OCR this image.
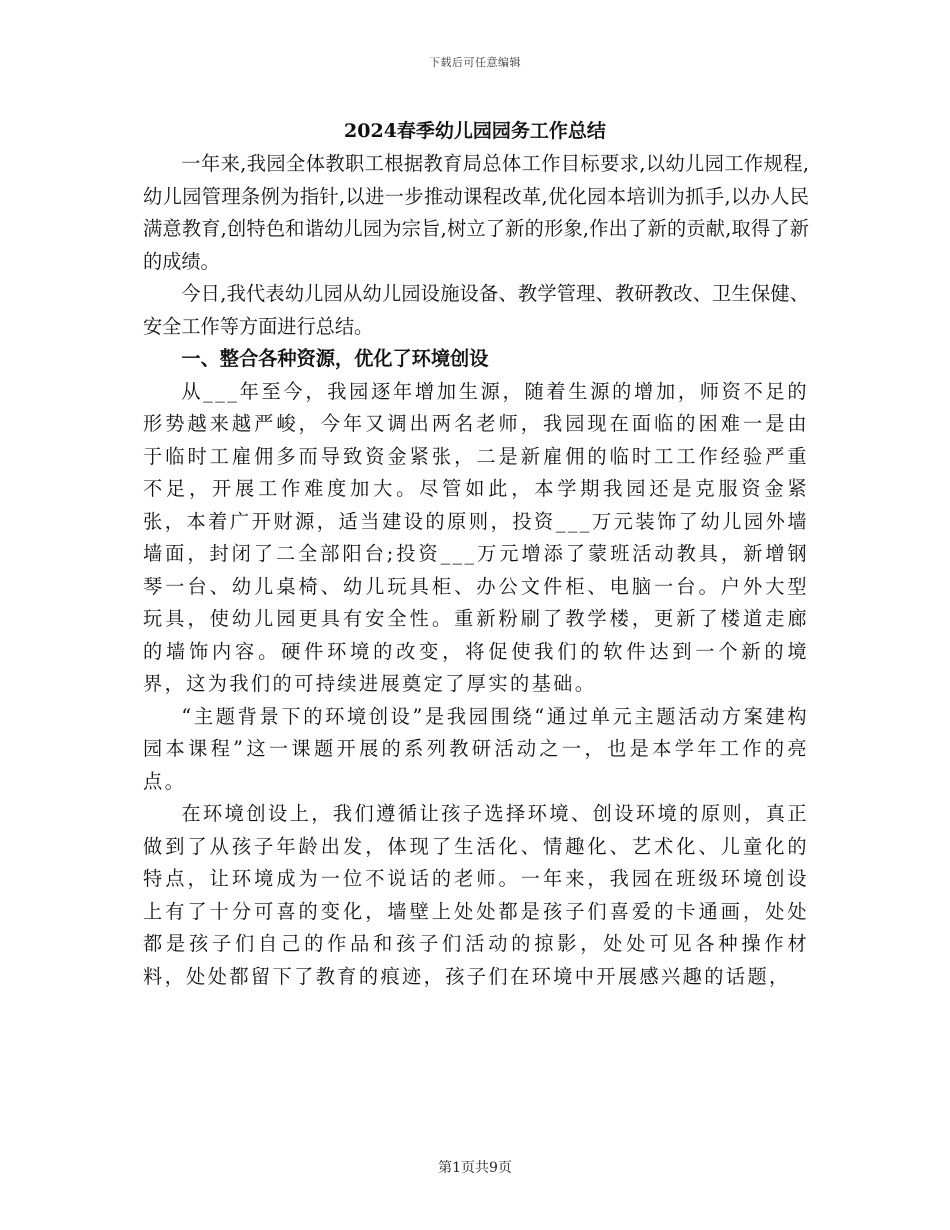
下载后可任意编辑
2024春季幼儿园园务工作总结

一年来,我园全体教职工根据教育局总体工作目标要求,以幼儿园工作规程,幼儿园管理条例为指针,以进一步推动课程改革,优化园本培训为抓手,以办人民满意教育,创特色和谐幼儿园为宗旨,树立了新的形象,作出了新的贡献,取得了新的成绩。

今日,我代表幼儿园从幼儿园设施设备、教学管理、教研教改、卫生保健、安全工作等方面进行总结。

一、整合各种资源，优化了环境创设

从___年至今，我园逐年增加生源，随着生源的增加，师资不足的形势越来越严峻，今年又调出两名老师，我园现在面临的困难一是由于临时工雇佣多而导致资金紧张，二是新雇佣的临时工工作经验严重不足，开展工作难度加大。尽管如此，本学期我园还是克服资金紧张，本着广开财源，适当建设的原则，投资___万元装饰了幼儿园外墙墙面，封闭了二全部阳台;投资___万元增添了蒙班活动教具，新增钢琴一台、幼儿桌椅、幼儿玩具柜、办公文件柜、电脑一台。户外大型玩具，使幼儿园更具有安全性。重新粉刷了教学楼，更新了楼道走廊的墙饰内容。硬件环境的改变，将促使我们的软件达到一个新的境界，这为我们的可持续进展奠定了厚实的基础。

“主题背景下的环境创设”是我园围绕“通过单元主题活动方案建构园本课程”这一课题开展的系列教研活动之一，也是本学年工作的亮点。

在环境创设上，我们遵循让孩子选择环境、创设环境的原则，真正做到了从孩子年龄出发，体现了生活化、情趣化、艺术化、儿童化的特点，让环境成为一位不说话的老师。一年来，我园在班级环境创设上有了十分可喜的变化，墙壁上处处都是孩子们喜爱的卡通画，处处都是孩子们自己的作品和孩子们活动的掠影，处处可见各种操作材料，处处都留下了教育的痕迹，孩子们在环境中开展感兴趣的话题，

第1页共9页
